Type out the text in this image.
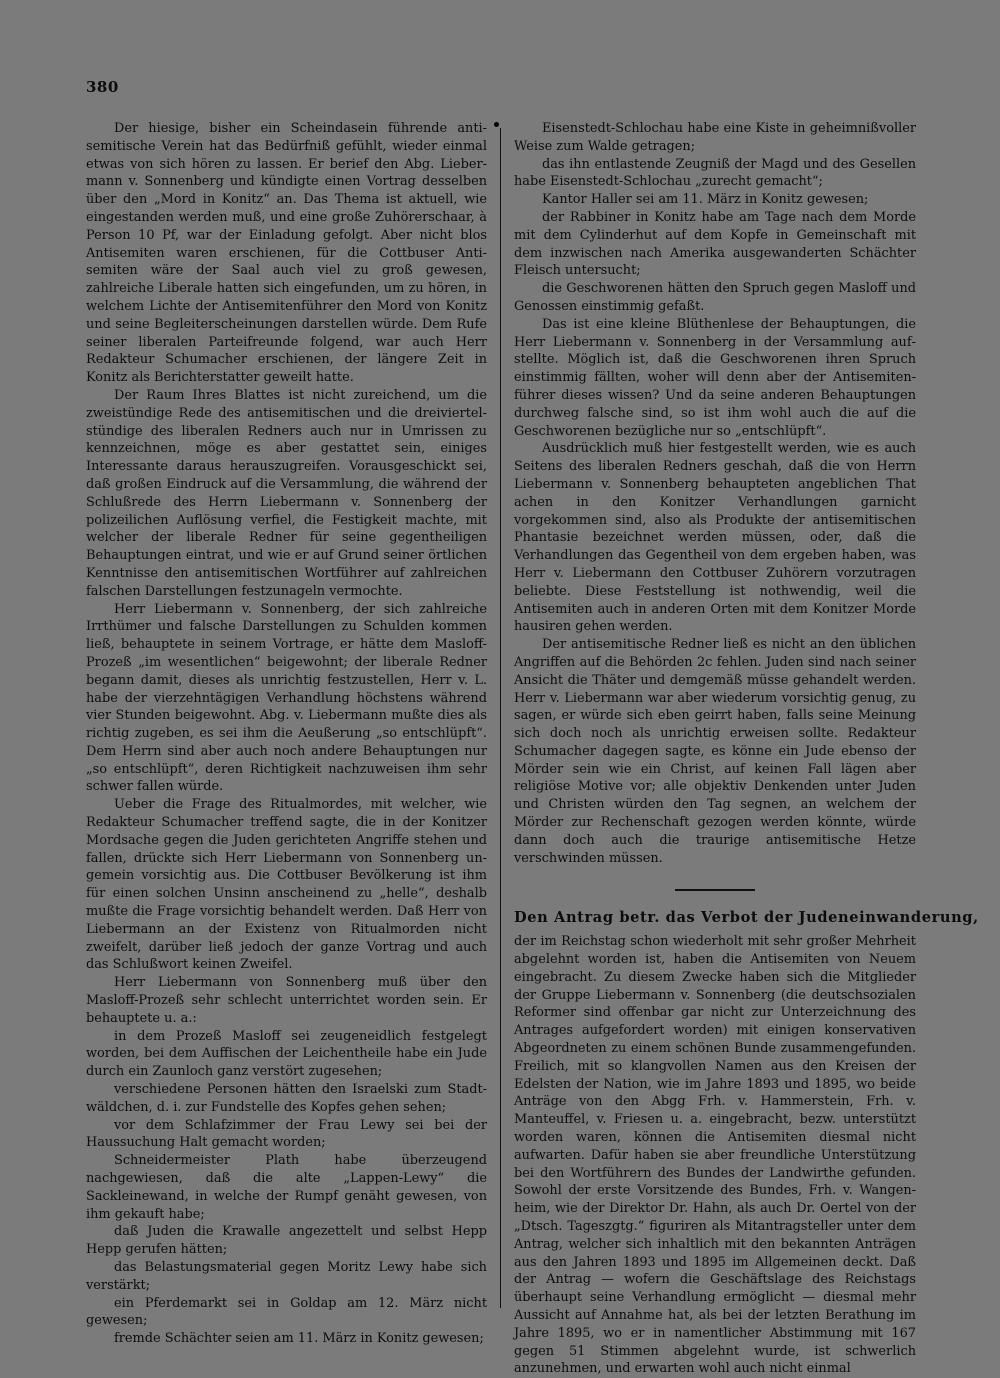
380

Der hiesige, bisher ein Scheindasein führende antisemitische Verein hat das Bedürfniß gefühlt, wieder einmal etwas von sich hören zu lassen. Er berief den Abg. Liebermann v. Sonnenberg und kündigte einen Vortrag desselben über den „Mord in Konitz“ an. Das Thema ist aktuell, wie eingestanden werden muß, und eine große Zuhörerschaar, à Person 10 Pf, war der Einladung gefolgt. Aber nicht blos Antisemiten waren erschienen, für die Cottbuser Antisemiten wäre der Saal auch viel zu groß gewesen, zahlreiche Liberale hatten sich eingefunden, um zu hören, in welchem Lichte der Antisemitenführer den Mord von Konitz und seine Begleiterscheinungen darstellen würde. Dem Rufe seiner liberalen Parteifreunde folgend, war auch Herr Redakteur Schumacher erschienen, der längere Zeit in Konitz als Berichterstatter geweilt hatte.

Der Raum Ihres Blattes ist nicht zureichend, um die zweistündige Rede des antisemitischen und die dreiviertelstündige des liberalen Redners auch nur in Umrissen zu kennzeichnen, möge es aber gestattet sein, einiges Interessante daraus herauszugreifen. Vorausgeschickt sei, daß großen Eindruck auf die Versammlung, die während der Schlußrede des Herrn Liebermann v. Sonnenberg der polizeilichen Auflösung verfiel, die Festigkeit machte, mit welcher der liberale Redner für seine gegentheiligen Behauptungen eintrat, und wie er auf Grund seiner örtlichen Kenntnisse den antisemitischen Wortführer auf zahlreichen falschen Darstellungen festzunageln vermochte.

Herr Liebermann v. Sonnenberg, der sich zahlreiche Irrthümer und falsche Darstellungen zu Schulden kommen ließ, behauptete in seinem Vortrage, er hätte dem Masloff-Prozeß „im wesentlichen“ beigewohnt; der liberale Redner begann damit, dieses als unrichtig festzustellen, Herr v. L. habe der vierzehntägigen Verhandlung höchstens während vier Stunden beigewohnt. Abg. v. Liebermann mußte dies als richtig zugeben, es sei ihm die Aeußerung „so entschlüpft“. Dem Herrn sind aber auch noch andere Behauptungen nur „so entschlüpft“, deren Richtigkeit nachzuweisen ihm sehr schwer fallen würde.

Ueber die Frage des Ritualmordes, mit welcher, wie Redakteur Schumacher treffend sagte, die in der Konitzer Mordsache gegen die Juden gerichteten Angriffe stehen und fallen, drückte sich Herr Liebermann von Sonnenberg ungemein vorsichtig aus. Die Cottbuser Bevölkerung ist ihm für einen solchen Unsinn anscheinend zu „helle“, deshalb mußte die Frage vorsichtig behandelt werden. Daß Herr von Liebermann an der Existenz von Ritualmorden nicht zweifelt, darüber ließ jedoch der ganze Vortrag und auch das Schlußwort keinen Zweifel.

Herr Liebermann von Sonnenberg muß über den Masloff-Prozeß sehr schlecht unterrichtet worden sein. Er behauptete u. a.:

in dem Prozeß Masloff sei zeugeneidlich festgelegt worden, bei dem Auffischen der Leichentheile habe ein Jude durch ein Zaunloch ganz verstört zugesehen;

verschiedene Personen hätten den Israelski zum Stadtwäldchen, d. i. zur Fundstelle des Kopfes gehen sehen;

vor dem Schlafzimmer der Frau Lewy sei bei der Haussuchung Halt gemacht worden;

Schneidermeister Plath habe überzeugend nachgewiesen, daß die alte „Lappen-Lewy“ die Sackleinewand, in welche der Rumpf genäht gewesen, von ihm gekauft habe;

daß Juden die Krawalle angezettelt und selbst Hepp Hepp gerufen hätten;

das Belastungsmaterial gegen Moritz Lewy habe sich verstärkt;

ein Pferdemarkt sei in Goldap am 12. März nicht gewesen;

fremde Schächter seien am 11. März in Konitz gewesen;

Eisenstedt-Schlochau habe eine Kiste in geheimnißvoller Weise zum Walde getragen;

das ihn entlastende Zeugniß der Magd und des Gesellen habe Eisenstedt-Schlochau „zurecht gemacht“;

Kantor Haller sei am 11. März in Konitz gewesen;

der Rabbiner in Konitz habe am Tage nach dem Morde mit dem Cylinderhut auf dem Kopfe in Gemeinschaft mit dem inzwischen nach Amerika ausgewanderten Schächter Fleisch untersucht;

die Geschworenen hätten den Spruch gegen Masloff und Genossen einstimmig gefaßt.

Das ist eine kleine Blüthenlese der Behauptungen, die Herr Liebermann v. Sonnenberg in der Versammlung aufstellte. Möglich ist, daß die Geschworenen ihren Spruch einstimmig fällten, woher will denn aber der Antisemitenführer dieses wissen? Und da seine anderen Behauptungen durchweg falsche sind, so ist ihm wohl auch die auf die Geschworenen bezügliche nur so „entschlüpft“.

Ausdrücklich muß hier festgestellt werden, wie es auch Seitens des liberalen Redners geschah, daß die von Herrn Liebermann v. Sonnenberg behaupteten angeblichen That achen in den Konitzer Verhandlungen garnicht vorgekommen sind, also als Produkte der antisemitischen Phantasie bezeichnet werden müssen, oder, daß die Verhandlungen das Gegentheil von dem ergeben haben, was Herr v. Liebermann den Cottbuser Zuhörern vorzutragen beliebte. Diese Feststellung ist nothwendig, weil die Antisemiten auch in anderen Orten mit dem Konitzer Morde hausiren gehen werden.

Der antisemitische Redner ließ es nicht an den üblichen Angriffen auf die Behörden 2c fehlen. Juden sind nach seiner Ansicht die Thäter und demgemäß müsse gehandelt werden. Herr v. Liebermann war aber wiederum vorsichtig genug, zu sagen, er würde sich eben geirrt haben, falls seine Meinung sich doch noch als unrichtig erweisen sollte. Redakteur Schumacher dagegen sagte, es könne ein Jude ebenso der Mörder sein wie ein Christ, auf keinen Fall lägen aber religiöse Motive vor; alle objektiv Denkenden unter Juden und Christen würden den Tag segnen, an welchem der Mörder zur Rechenschaft gezogen werden könnte, würde dann doch auch die traurige antisemitische Hetze verschwinden müssen.

Den Antrag betr. das Verbot der Judeneinwanderung,

der im Reichstag schon wiederholt mit sehr großer Mehrheit abgelehnt worden ist, haben die Antisemiten von Neuem eingebracht. Zu diesem Zwecke haben sich die Mitglieder der Gruppe Liebermann v. Sonnenberg (die deutschsozialen Reformer sind offenbar gar nicht zur Unterzeichnung des Antrages aufgefordert worden) mit einigen konservativen Abgeordneten zu einem schönen Bunde zusammengefunden. Freilich, mit so klangvollen Namen aus den Kreisen der Edelsten der Nation, wie im Jahre 1893 und 1895, wo beide Anträge von den Abgg Frh. v. Hammerstein, Frh. v. Manteuffel, v. Friesen u. a. eingebracht, bezw. unterstützt worden waren, können die Antisemiten diesmal nicht aufwarten. Dafür haben sie aber freundliche Unterstützung bei den Wortführern des Bundes der Landwirthe gefunden. Sowohl der erste Vorsitzende des Bundes, Frh. v. Wangenheim, wie der Direktor Dr. Hahn, als auch Dr. Oertel von der „Dtsch. Tageszgtg.“ figuriren als Mitantragsteller unter dem Antrag, welcher sich inhaltlich mit den bekannten Anträgen aus den Jahren 1893 und 1895 im Allgemeinen deckt. Daß der Antrag — wofern die Geschäftslage des Reichstags überhaupt seine Verhandlung ermöglicht — diesmal mehr Aussicht auf Annahme hat, als bei der letzten Berathung im Jahre 1895, wo er in namentlicher Abstimmung mit 167 gegen 51 Stimmen abgelehnt wurde, ist schwerlich anzunehmen, und erwarten wohl auch nicht einmal
